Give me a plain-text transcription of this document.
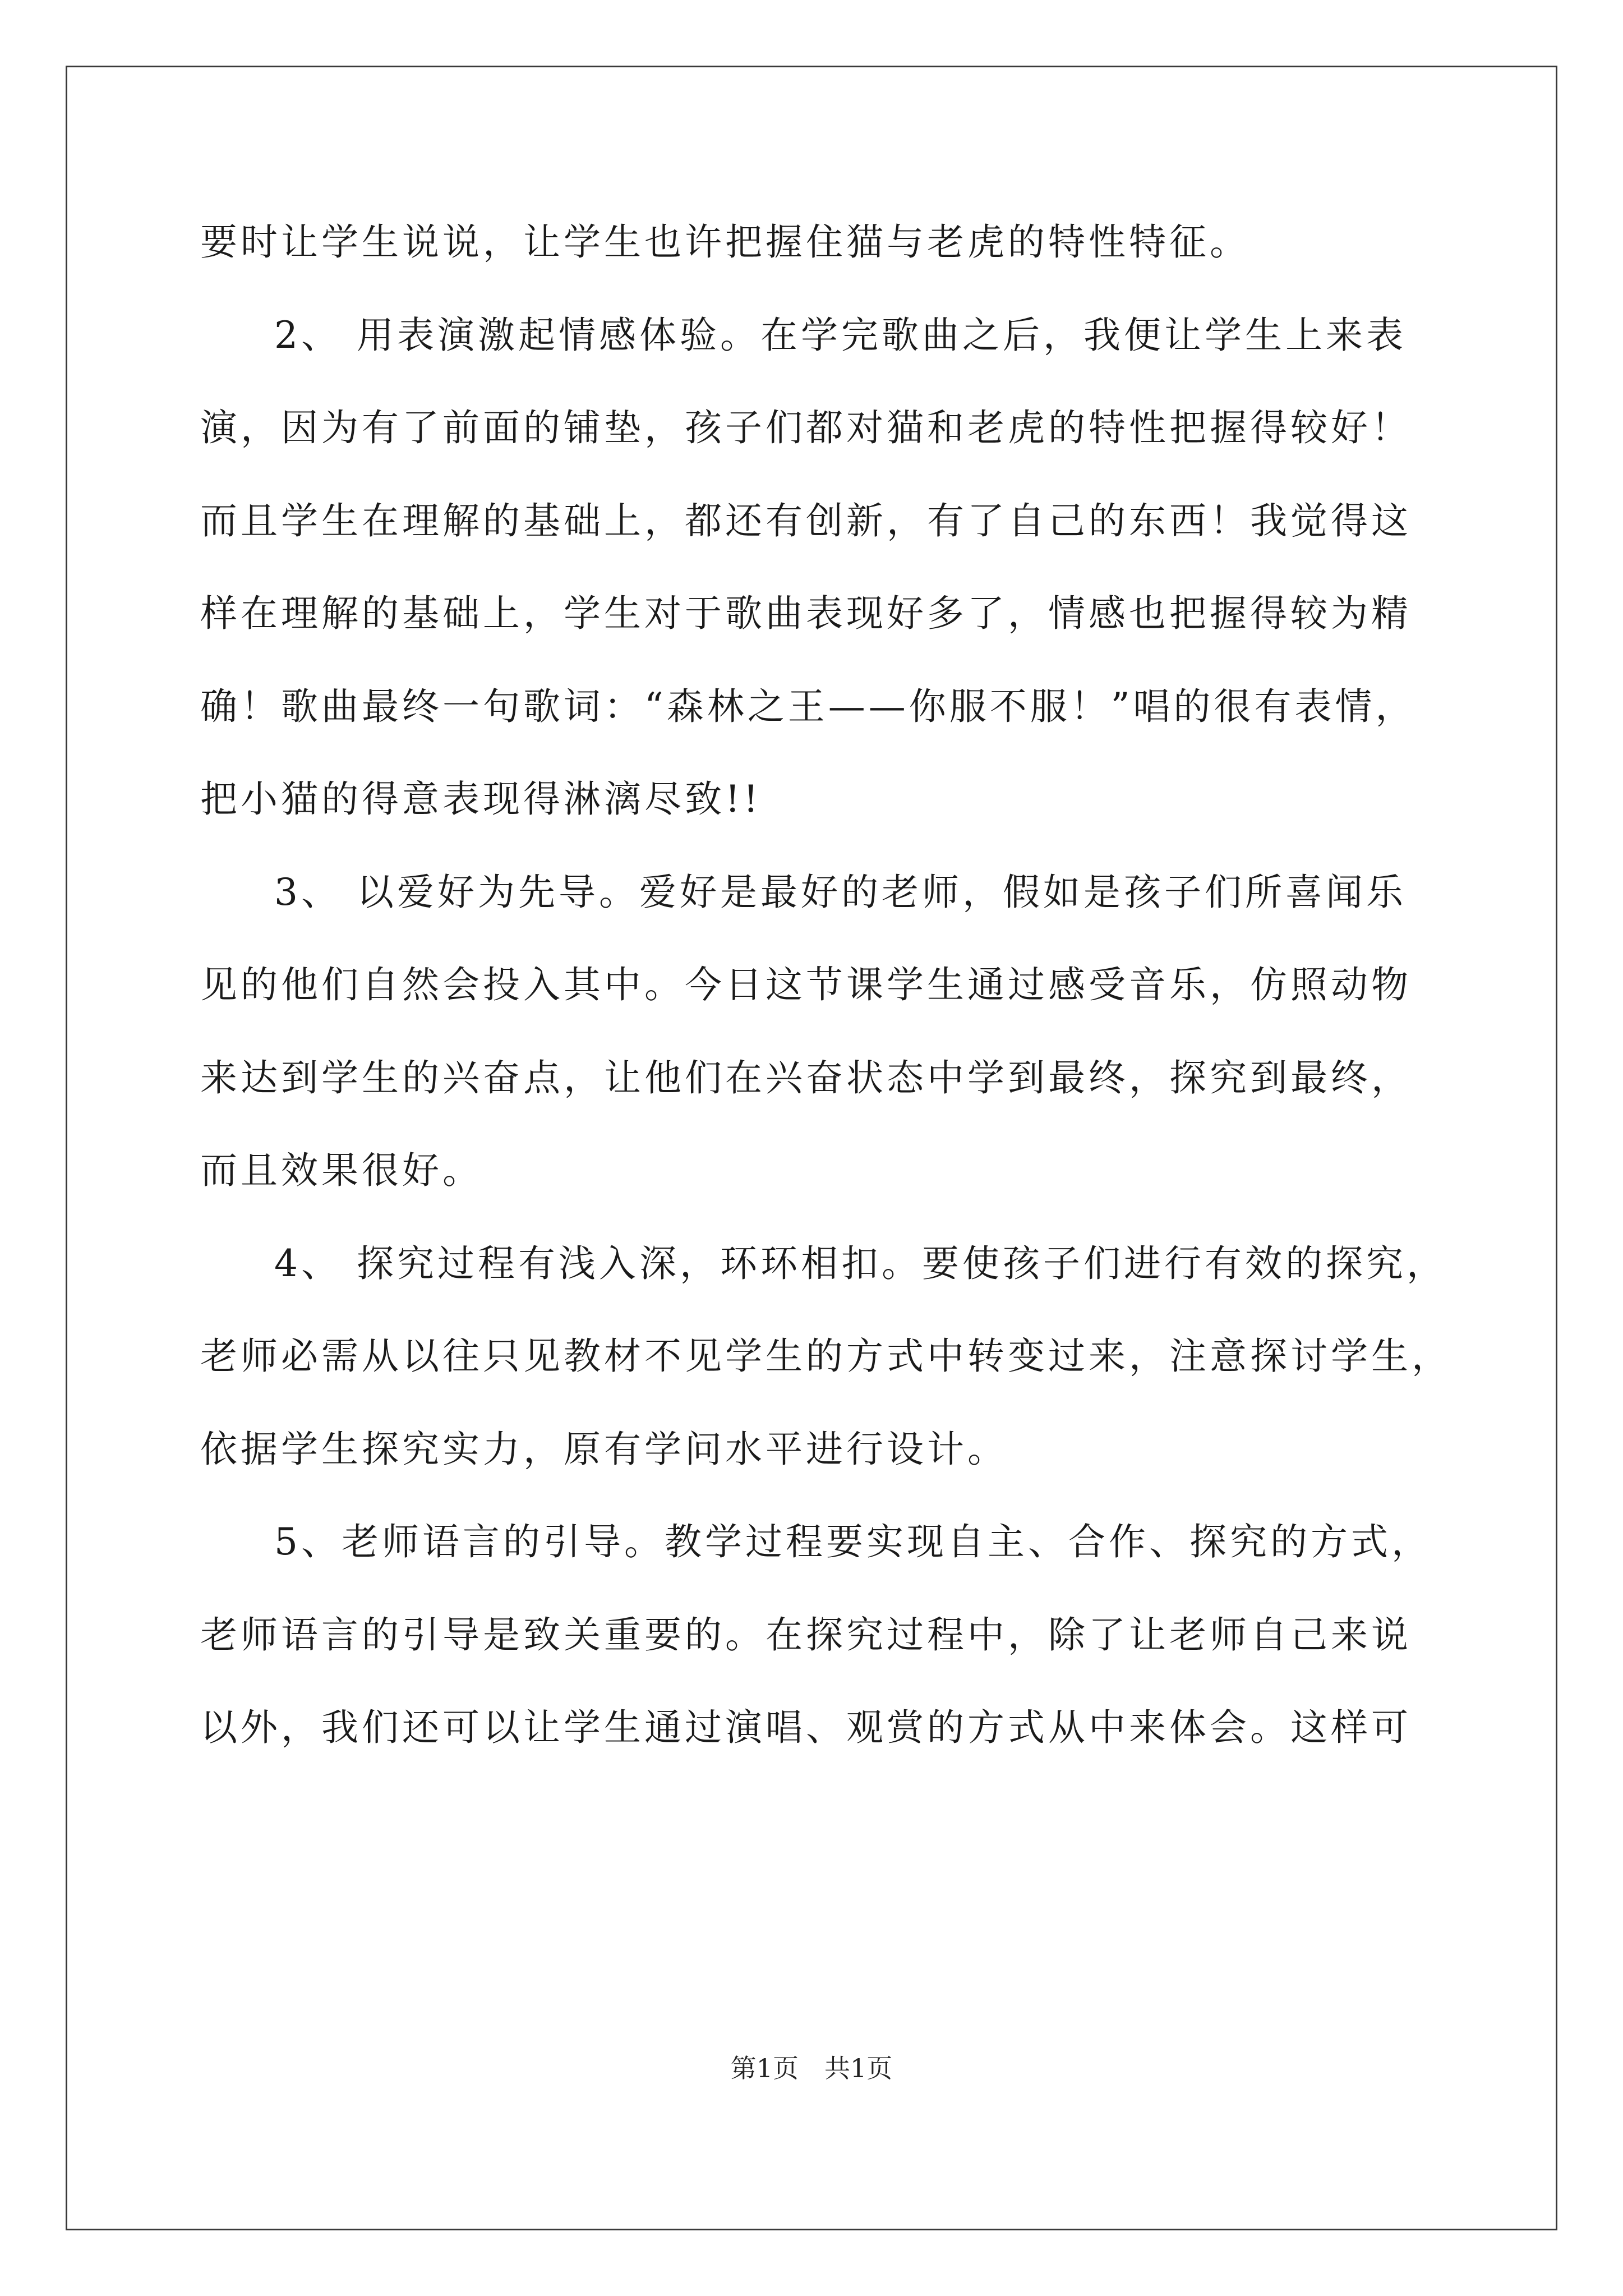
要时让学生说说，让学生也许把握住猫与老虎的特性特征。
2、 用表演激起情感体验。在学完歌曲之后，我便让学生上来表
演，因为有了前面的铺垫，孩子们都对猫和老虎的特性把握得较好！
而且学生在理解的基础上，都还有创新，有了自己的东西！我觉得这
样在理解的基础上，学生对于歌曲表现好多了，情感也把握得较为精
确！歌曲最终一句歌词：“森林之王——你服不服！”唱的很有表情，
把小猫的得意表现得淋漓尽致!!
3、 以爱好为先导。爱好是最好的老师，假如是孩子们所喜闻乐
见的他们自然会投入其中。今日这节课学生通过感受音乐，仿照动物
来达到学生的兴奋点，让他们在兴奋状态中学到最终，探究到最终，
而且效果很好。
4、 探究过程有浅入深，环环相扣。要使孩子们进行有效的探究，
老师必需从以往只见教材不见学生的方式中转变过来，注意探讨学生，
依据学生探究实力，原有学问水平进行设计。
5、老师语言的引导。教学过程要实现自主、合作、探究的方式，
老师语言的引导是致关重要的。在探究过程中，除了让老师自己来说
以外，我们还可以让学生通过演唱、观赏的方式从中来体会。这样可
第1页　共1页
